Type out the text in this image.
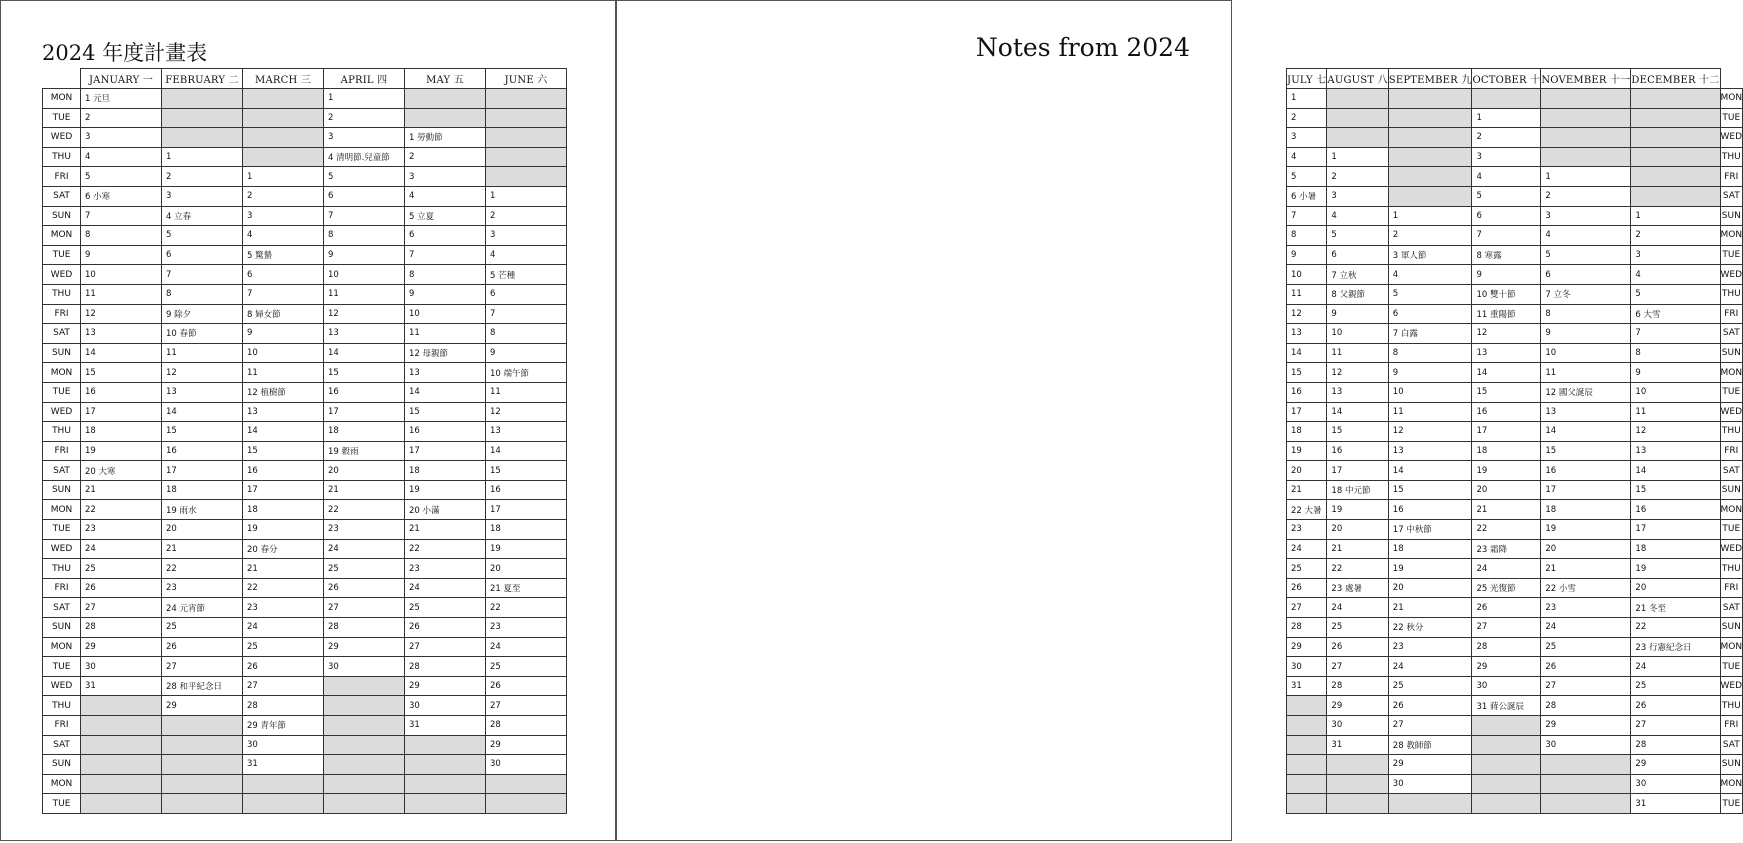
2024 年度計畫表
	JANUARY 一	FEBRUARY 二	MARCH 三	APRIL 四	MAY 五	JUNE 六
MON	1 元旦			1		
TUE	2			2		
WED	3			3	1 勞動節	
THU	4	1		4 清明節.兒童節	2	
FRI	5	2	1	5	3	
SAT	6 小寒	3	2	6	4	1
SUN	7	4 立春	3	7	5 立夏	2
MON	8	5	4	8	6	3
TUE	9	6	5 驚蟄	9	7	4
WED	10	7	6	10	8	5 芒種
THU	11	8	7	11	9	6
FRI	12	9 除夕	8 婦女節	12	10	7
SAT	13	10 春節	9	13	11	8
SUN	14	11	10	14	12 母親節	9
MON	15	12	11	15	13	10 端午節
TUE	16	13	12 植樹節	16	14	11
WED	17	14	13	17	15	12
THU	18	15	14	18	16	13
FRI	19	16	15	19 穀雨	17	14
SAT	20 大寒	17	16	20	18	15
SUN	21	18	17	21	19	16
MON	22	19 雨水	18	22	20 小滿	17
TUE	23	20	19	23	21	18
WED	24	21	20 春分	24	22	19
THU	25	22	21	25	23	20
FRI	26	23	22	26	24	21 夏至
SAT	27	24 元宵節	23	27	25	22
SUN	28	25	24	28	26	23
MON	29	26	25	29	27	24
TUE	30	27	26	30	28	25
WED	31	28 和平紀念日	27		29	26
THU		29	28		30	27
FRI			29 青年節		31	28
SAT			30			29
SUN			31			30
MON						
TUE						
Notes from 2024
JULY 七	AUGUST 八	SEPTEMBER 九	OCTOBER 十	NOVEMBER 十一	DECEMBER 十二	
1						MON
2			1			TUE
3			2			WED
4	1		3			THU
5	2		4	1		FRI
6 小暑	3		5	2		SAT
7	4	1	6	3	1	SUN
8	5	2	7	4	2	MON
9	6	3 軍人節	8 寒露	5	3	TUE
10	7 立秋	4	9	6	4	WED
11	8 父親節	5	10 雙十節	7 立冬	5	THU
12	9	6	11 重陽節	8	6 大雪	FRI
13	10	7 白露	12	9	7	SAT
14	11	8	13	10	8	SUN
15	12	9	14	11	9	MON
16	13	10	15	12 國父誕辰	10	TUE
17	14	11	16	13	11	WED
18	15	12	17	14	12	THU
19	16	13	18	15	13	FRI
20	17	14	19	16	14	SAT
21	18 中元節	15	20	17	15	SUN
22 大暑	19	16	21	18	16	MON
23	20	17 中秋節	22	19	17	TUE
24	21	18	23 霜降	20	18	WED
25	22	19	24	21	19	THU
26	23 處暑	20	25 光復節	22 小雪	20	FRI
27	24	21	26	23	21 冬至	SAT
28	25	22 秋分	27	24	22	SUN
29	26	23	28	25	23 行憲紀念日	MON
30	27	24	29	26	24	TUE
31	28	25	30	27	25	WED
	29	26	31 蔣公誕辰	28	26	THU
	30	27		29	27	FRI
	31	28 教師節		30	28	SAT
		29			29	SUN
		30			30	MON
					31	TUE
